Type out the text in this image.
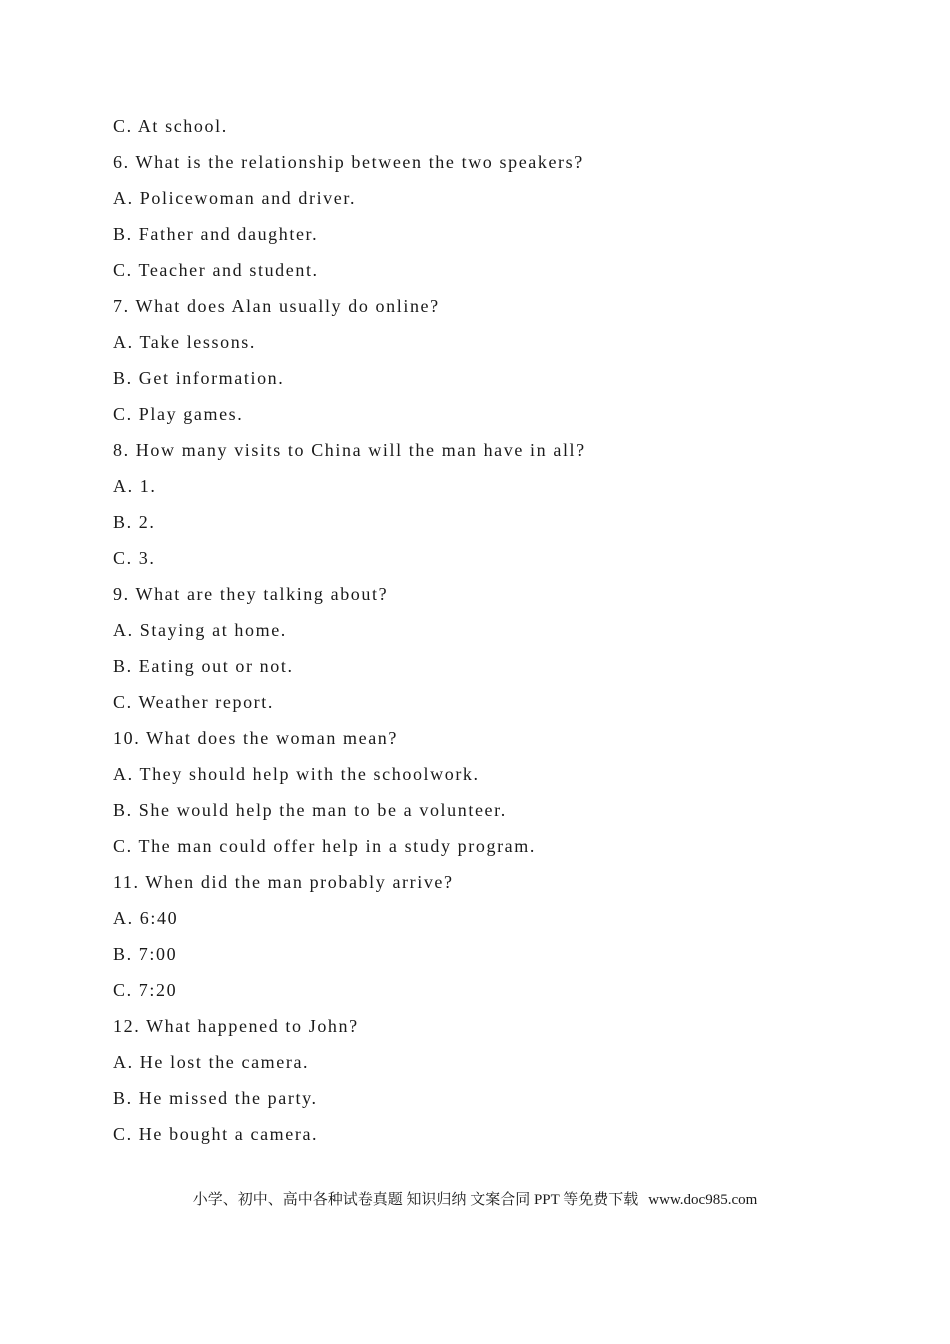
C. At school.
6. What is the relationship between the two speakers?
A. Policewoman and driver.
B. Father and daughter.
C. Teacher and student.
7. What does Alan usually do online?
A. Take lessons.
B. Get information.
C. Play games.
8. How many visits to China will the man have in all?
A. 1.
B. 2.
C. 3.
9. What are they talking about?
A. Staying at home.
B. Eating out or not.
C. Weather report.
10. What does the woman mean?
A. They should help with the schoolwork.
B. She would help the man to be a volunteer.
C. The man could offer help in a study program.
11. When did the man probably arrive?
A. 6:40
B. 7:00
C. 7:20
12. What happened to John?
A. He lost the camera.
B. He missed the party.
C. He bought a camera.
小学、初中、高中各种试卷真题 知识归纳 文案合同 PPT 等免费下载 www.doc985.com
